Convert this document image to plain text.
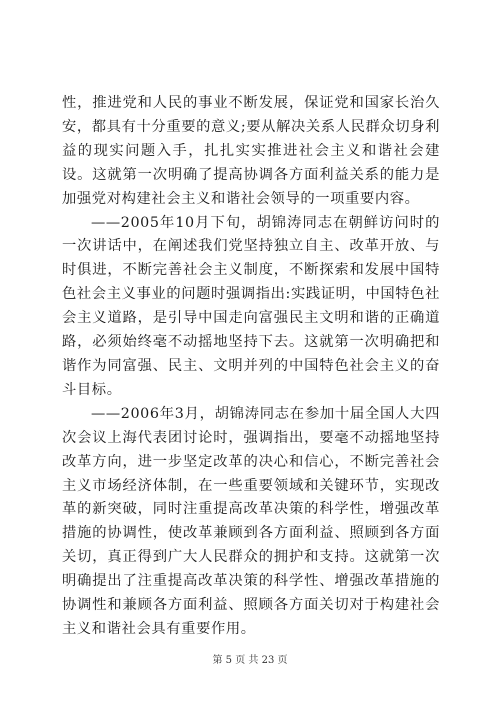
性，推进党和人民的事业不断发展，保证党和国家长治久安，都具有十分重要的意义;要从解决关系人民群众切身利益的现实问题入手，扎扎实实推进社会主义和谐社会建设。这就第一次明确了提高协调各方面利益关系的能力是加强党对构建社会主义和谐社会领导的一项重要内容。

——2005年10月下旬，胡锦涛同志在朝鲜访问时的一次讲话中，在阐述我们党坚持独立自主、改革开放、与时俱进，不断完善社会主义制度，不断探索和发展中国特色社会主义事业的问题时强调指出:实践证明，中国特色社会主义道路，是引导中国走向富强民主文明和谐的正确道路，必须始终毫不动摇地坚持下去。这就第一次明确把和谐作为同富强、民主、文明并列的中国特色社会主义的奋斗目标。

——2006年3月，胡锦涛同志在参加十届全国人大四次会议上海代表团讨论时，强调指出，要毫不动摇地坚持改革方向，进一步坚定改革的决心和信心，不断完善社会主义市场经济体制，在一些重要领域和关键环节，实现改革的新突破，同时注重提高改革决策的科学性，增强改革措施的协调性，使改革兼顾到各方面利益、照顾到各方面关切，真正得到广大人民群众的拥护和支持。这就第一次明确提出了注重提高改革决策的科学性、增强改革措施的协调性和兼顾各方面利益、照顾各方面关切对于构建社会主义和谐社会具有重要作用。

第 5 页 共 23 页
